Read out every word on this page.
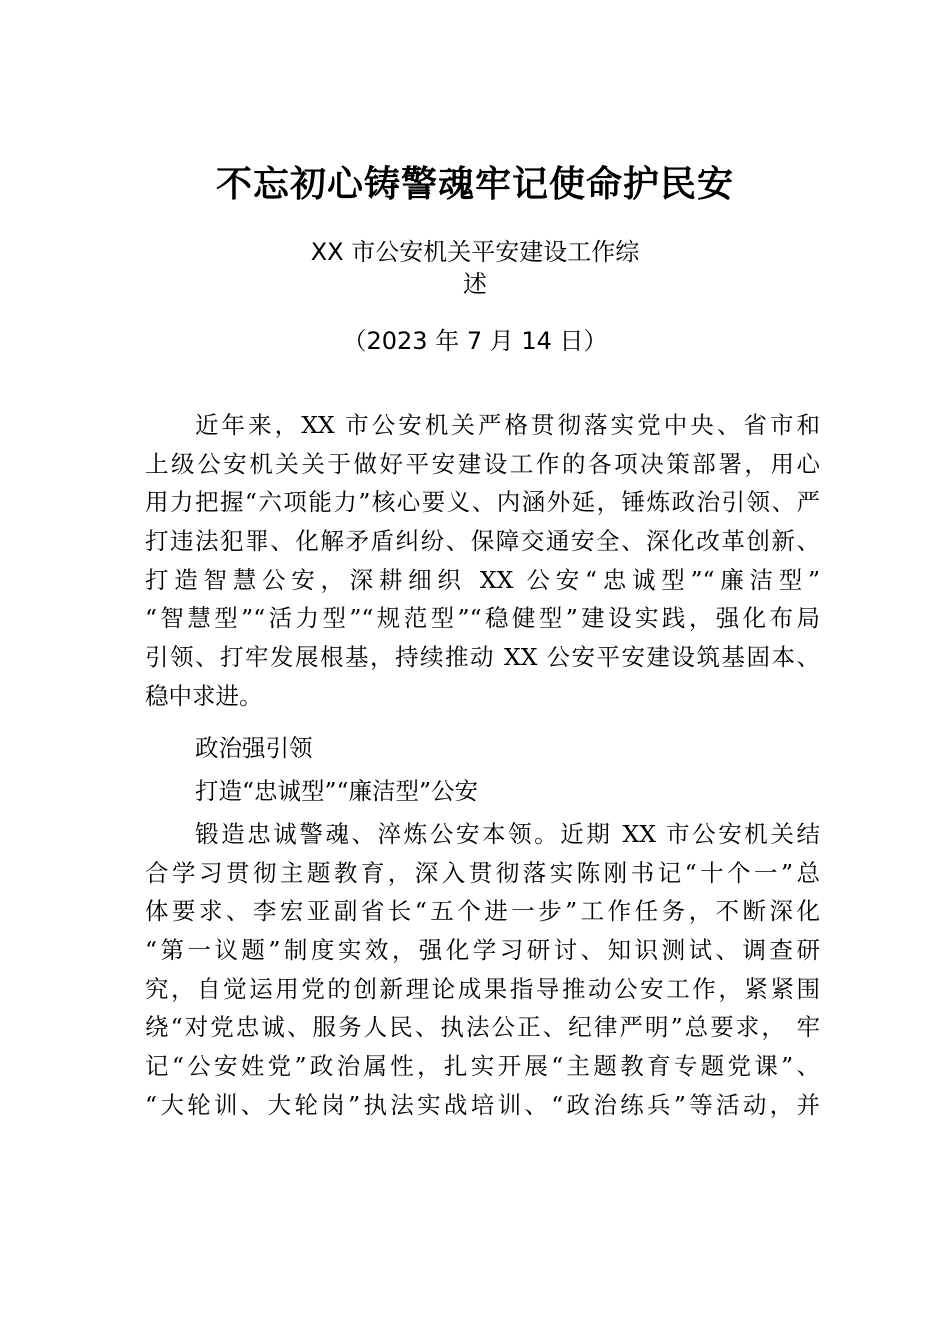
不忘初心铸警魂牢记使命护民安
XX 市公安机关平安建设工作综
述
（2023 年 7 月 14 日）
近年来，XX 市公安机关严格贯彻落实党中央、省市和
上级公安机关关于做好平安建设工作的各项决策部署，用心
用力把握“六项能力”核心要义、内涵外延，锤炼政治引领、严
打违法犯罪、化解矛盾纠纷、保障交通安全、深化改革创新、
打造智慧公安，深耕细织 XX 公安“忠诚型”“廉洁型”
“智慧型”“活力型”“规范型”“稳健型”建设实践，强化布局
引领、打牢发展根基，持续推动 XX 公安平安建设筑基固本、
稳中求进。
政治强引领
打造“忠诚型”“廉洁型”公安
锻造忠诚警魂、淬炼公安本领。近期 XX 市公安机关结
合学习贯彻主题教育，深入贯彻落实陈刚书记“十个一”总
体要求、李宏亚副省长“五个进一步”工作任务，不断深化
“第一议题”制度实效，强化学习研讨、知识测试、调查研
究，自觉运用党的创新理论成果指导推动公安工作，紧紧围
绕“对党忠诚、服务人民、执法公正、纪律严明”总要求， 牢
记“公安姓党”政治属性，扎实开展“主题教育专题党课”、
“大轮训、大轮岗”执法实战培训、“政治练兵”等活动，并
